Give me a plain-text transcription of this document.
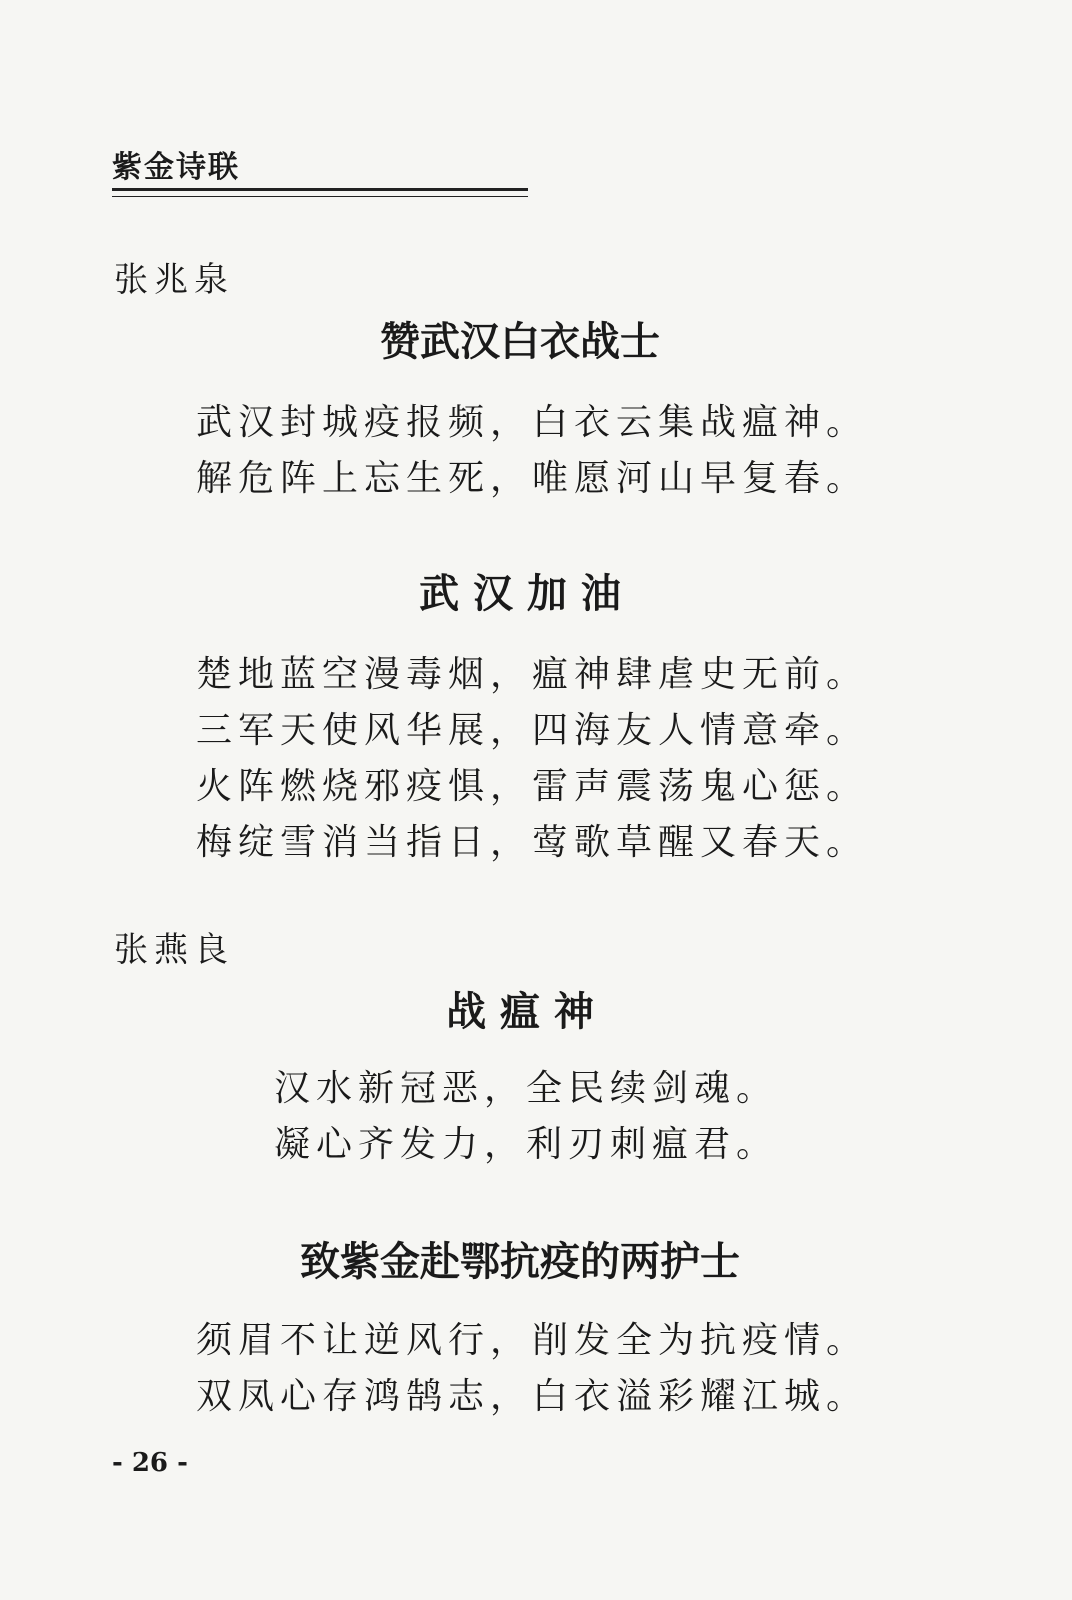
紫金诗联
张兆泉
赞武汉白衣战士
武汉封城疫报频，白衣云集战瘟神。
解危阵上忘生死，唯愿河山早复春。
武 汉 加 油
楚地蓝空漫毒烟，瘟神肆虐史无前。
三军天使风华展，四海友人情意牵。
火阵燃烧邪疫惧，雷声震荡鬼心惩。
梅绽雪消当指日，莺歌草醒又春天。
张燕良
战 瘟 神
汉水新冠恶，全民续剑魂。
凝心齐发力，利刃刺瘟君。
致紫金赴鄂抗疫的两护士
须眉不让逆风行，削发全为抗疫情。
双凤心存鸿鹄志，白衣溢彩耀江城。
- 26 -
